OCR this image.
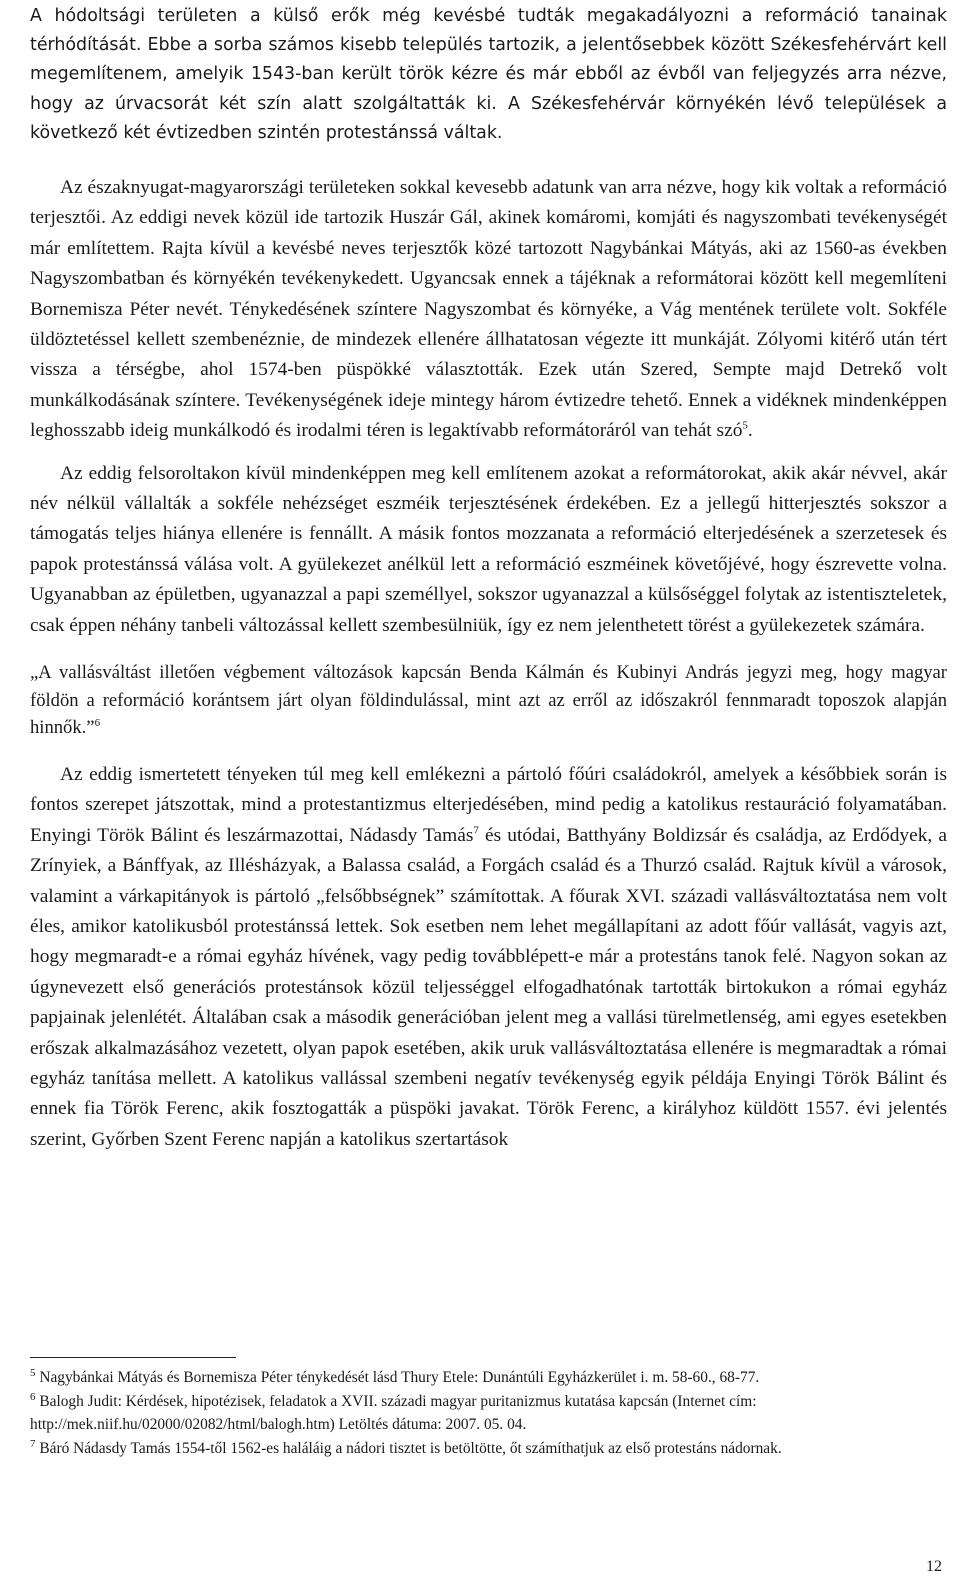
A hódoltsági területen a külső erők még kevésbé tudták megakadályozni a reformáció tanainak térhódítását. Ebbe a sorba számos kisebb település tartozik, a jelentősebbek között Székesfehérvárt kell megemlítenem, amelyik 1543-ban került török kézre és már ebből az évből van feljegyzés arra nézve, hogy az úrvacsorát két szín alatt szolgáltatták ki. A Székesfehérvár környékén lévő települések a következő két évtizedben szintén protestánssá váltak.

Az északnyugat-magyarországi területeken sokkal kevesebb adatunk van arra nézve, hogy kik voltak a reformáció terjesztői. Az eddigi nevek közül ide tartozik Huszár Gál, akinek komáromi, komjáti és nagyszombati tevékenységét már említettem. Rajta kívül a kevésbé neves terjesztők közé tartozott Nagybánkai Mátyás, aki az 1560-as években Nagyszombatban és környékén tevékenykedett. Ugyancsak ennek a tájéknak a reformátorai között kell megemlíteni Bornemisza Péter nevét. Ténykedésének színtere Nagyszombat és környéke, a Vág mentének területe volt. Sokféle üldöztetéssel kellett szembenéznie, de mindezek ellenére állhatatosan végezte itt munkáját. Zólyomi kitérő után tért vissza a térségbe, ahol 1574-ben püspökké választották. Ezek után Szered, Sempte majd Detrekő volt munkálkodásának színtere. Tevékenységének ideje mintegy három évtizedre tehető. Ennek a vidéknek mindenképpen leghosszabb ideig munkálkodó és irodalmi téren is legaktívabb reformátoráról van tehát szó$^5$.

Az eddig felsoroltakon kívül mindenképpen meg kell említenem azokat a reformátorokat, akik akár névvel, akár név nélkül vállalták a sokféle nehézséget eszméik terjesztésének érdekében. Ez a jellegű hitterjesztés sokszor a támogatás teljes hiánya ellenére is fennállt. A másik fontos mozzanata a reformáció elterjedésének a szerzetesek és papok protestánssá válása volt. A gyülekezet anélkül lett a reformáció eszméinek követőjévé, hogy észrevette volna. Ugyanabban az épületben, ugyanazzal a papi személlyel, sokszor ugyanazzal a külsőséggel folytak az istentiszteletek, csak éppen néhány tanbeli változással kellett szembesülniük, így ez nem jelenthetett törést a gyülekezetek számára.

„A vallásváltást illetően végbement változások kapcsán Benda Kálmán és Kubinyi András jegyzi meg, hogy magyar földön a reformáció korántsem járt olyan földindulással, mint azt az erről az időszakról fennmaradt toposzok alapján hinnők.”$^6$

Az eddig ismertetett tényeken túl meg kell emlékezni a pártoló főúri családokról, amelyek a későbbiek során is fontos szerepet játszottak, mind a protestantizmus elterjedésében, mind pedig a katolikus restauráció folyamatában. Enyingi Török Bálint és leszármazottai, Nádasdy Tamás$^7$ és utódai, Batthyány Boldizsár és családja, az Erdődyek, a Zrínyiek, a Bánffyak, az Illésházyak, a Balassa család, a Forgách család és a Thurzó család. Rajtuk kívül a városok, valamint a várkapitányok is pártoló „felsőbbségnek” számítottak. A főurak XVI. századi vallásváltoztatása nem volt éles, amikor katolikusból protestánssá lettek. Sok esetben nem lehet megállapítani az adott főúr vallását, vagyis azt, hogy megmaradt-e a római egyház hívének, vagy pedig továbblépett-e már a protestáns tanok felé. Nagyon sokan az úgynevezett első generációs protestánsok közül teljességgel elfogadhatónak tartották birtokukon a római egyház papjainak jelenlétét. Általában csak a második generációban jelent meg a vallási türelmetlenség, ami egyes esetekben erőszak alkalmazásához vezetett, olyan papok esetében, akik uruk vallásváltoztatása ellenére is megmaradtak a római egyház tanítása mellett. A katolikus vallással szembeni negatív tevékenység egyik példája Enyingi Török Bálint és ennek fia Török Ferenc, akik fosztogatták a püspöki javakat. Török Ferenc, a királyhoz küldött 1557. évi jelentés szerint, Győrben Szent Ferenc napján a katolikus szertartások

$^5$ Nagybánkai Mátyás és Bornemisza Péter ténykedését lásd Thury Etele: Dunántúli Egyházkerület i. m. 58-60., 68-77.

$^6$ Balogh Judit: Kérdések, hipotézisek, feladatok a XVII. századi magyar puritanizmus kutatása kapcsán (Internet cím: http://mek.niif.hu/02000/02082/html/balogh.htm) Letöltés dátuma: 2007. 05. 04.

$^7$ Báró Nádasdy Tamás 1554-től 1562-es haláláig a nádori tisztet is betöltötte, őt számíthatjuk az első protestáns nádornak.

12
